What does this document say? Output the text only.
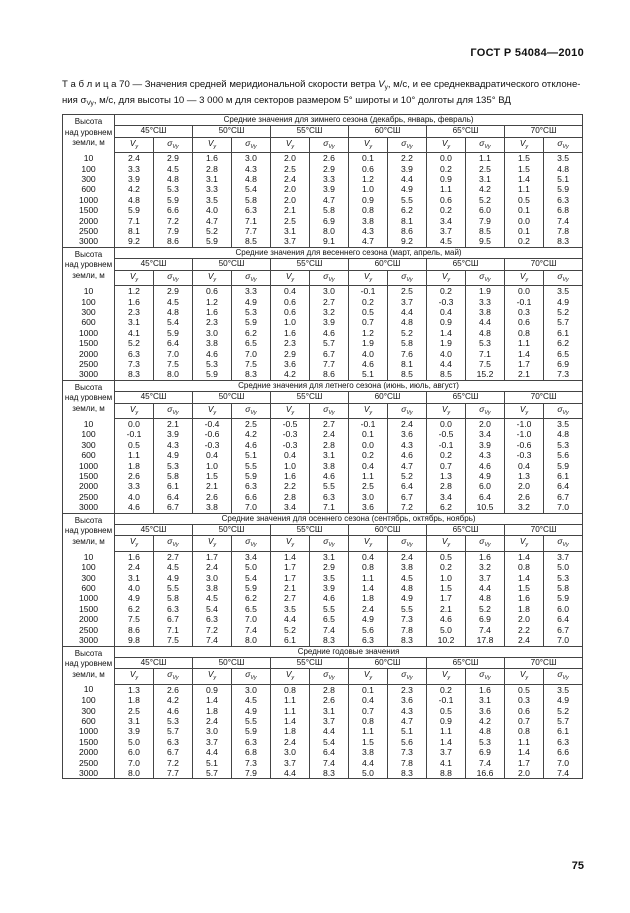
ГОСТ Р 54084—2010
Т а б л и ц а 70 — Значения средней меридиональной скорости ветра $V_y$, м/с, и ее среднеквадратического отклоне-
ния $\sigma_{Vy}$, м/с, для высоты 10 — 3 000 м для секторов размером 5° широты и 10° долготы для 135° ВД
Высота
над уровнем
земли, м	Средние значения для зимнего сезона (декабрь, январь, февраль)											
	45°СШ		50°СШ		55°СШ		60°СШ		65°СШ		70°СШ	
	$V_y$	$\sigma_{Vy}$	$V_y$	$\sigma_{Vy}$	$V_y$	$\sigma_{Vy}$	$V_y$	$\sigma_{Vy}$	$V_y$	$\sigma_{Vy}$	$V_y$	$\sigma_{Vy}$
10	2.4	2.9	1.6	3.0	2.0	2.6	0.1	2.2	0.0	1.1	1.5	3.5
100	3.3	4.5	2.8	4.3	2.5	2.9	0.6	3.9	0.2	2.5	1.5	4.8
300	3.9	4.8	3.1	4.8	2.4	3.3	1.2	4.4	0.9	3.1	1.4	5.1
600	4.2	5.3	3.3	5.4	2.0	3.9	1.0	4.9	1.1	4.2	1.1	5.9
1000	4.8	5.9	3.5	5.8	2.0	4.7	0.9	5.5	0.6	5.2	0.5	6.3
1500	5.9	6.6	4.0	6.3	2.1	5.8	0.8	6.2	0.2	6.0	0.1	6.8
2000	7.1	7.2	4.7	7.1	2.5	6.9	3.8	8.1	3.4	7.9	0.0	7.4
2500	8.1	7.9	5.2	7.7	3.1	8.0	4.3	8.6	3.7	8.5	0.1	7.8
3000	9.2	8.6	5.9	8.5	3.7	9.1	4.7	9.2	4.5	9.5	0.2	8.3

Высота
над уровнем
земли, м	Средние значения для весеннего сезона (март, апрель, май)											
	45°СШ		50°СШ		55°СШ		60°СШ		65°СШ		70°СШ	
	$V_y$	$\sigma_{Vy}$	$V_y$	$\sigma_{Vy}$	$V_y$	$\sigma_{Vy}$	$V_y$	$\sigma_{Vy}$	$V_y$	$\sigma_{Vy}$	$V_y$	$\sigma_{Vy}$
10	1.2	2.9	0.6	3.3	0.4	3.0	-0.1	2.5	0.2	1.9	0.0	3.5
100	1.6	4.5	1.2	4.9	0.6	2.7	0.2	3.7	-0.3	3.3	-0.1	4.9
300	2.3	4.8	1.6	5.3	0.6	3.2	0.5	4.4	0.4	3.8	0.3	5.2
600	3.1	5.4	2.3	5.9	1.0	3.9	0.7	4.8	0.9	4.4	0.6	5.7
1000	4.1	5.9	3.0	6.2	1.6	4.6	1.2	5.2	1.4	4.8	0.8	6.1
1500	5.2	6.4	3.8	6.5	2.3	5.7	1.9	5.8	1.9	5.3	1.1	6.2
2000	6.3	7.0	4.6	7.0	2.9	6.7	4.0	7.6	4.0	7.1	1.4	6.5
2500	7.3	7.5	5.3	7.5	3.6	7.7	4.6	8.1	4.4	7.5	1.7	6.9
3000	8.3	8.0	5.9	8.3	4.2	8.6	5.1	8.5	8.5	15.2	2.1	7.3

Высота
над уровнем
земли, м	Средние значения для летнего сезона (июнь, июль, август)											
	45°СШ		50°СШ		55°СШ		60°СШ		65°СШ		70°СШ	
	$V_y$	$\sigma_{Vy}$	$V_y$	$\sigma_{Vy}$	$V_y$	$\sigma_{Vy}$	$V_y$	$\sigma_{Vy}$	$V_y$	$\sigma_{Vy}$	$V_y$	$\sigma_{Vy}$
10	0.0	2.1	-0.4	2.5	-0.5	2.7	-0.1	2.4	0.0	2.0	-1.0	3.5
100	-0.1	3.9	-0.6	4.2	-0.3	2.4	0.1	3.6	-0.5	3.4	-1.0	4.8
300	0.5	4.3	-0.3	4.6	-0.3	2.8	0.0	4.3	-0.1	3.9	-0.6	5.3
600	1.1	4.9	0.4	5.1	0.4	3.1	0.2	4.6	0.2	4.3	-0.3	5.6
1000	1.8	5.3	1.0	5.5	1.0	3.8	0.4	4.7	0.7	4.6	0.4	5.9
1500	2.6	5.8	1.5	5.9	1.6	4.6	1.1	5.2	1.3	4.9	1.3	6.1
2000	3.3	6.1	2.1	6.3	2.2	5.5	2.5	6.4	2.8	6.0	2.0	6.4
2500	4.0	6.4	2.6	6.6	2.8	6.3	3.0	6.7	3.4	6.4	2.6	6.7
3000	4.6	6.7	3.8	7.0	3.4	7.1	3.6	7.2	6.2	10.5	3.2	7.0

Высота
над уровнем
земли, м	Средние значения для осеннего сезона (сентябрь, октябрь, ноябрь)											
	45°СШ		50°СШ		55°СШ		60°СШ		65°СШ		70°СШ	
	$V_y$	$\sigma_{Vy}$	$V_y$	$\sigma_{Vy}$	$V_y$	$\sigma_{Vy}$	$V_y$	$\sigma_{Vy}$	$V_y$	$\sigma_{Vy}$	$V_y$	$\sigma_{Vy}$
10	1.6	2.7	1.7	3.4	1.4	3.1	0.4	2.4	0.5	1.6	1.4	3.7
100	2.4	4.5	2.4	5.0	1.7	2.9	0.8	3.8	0.2	3.2	0.8	5.0
300	3.1	4.9	3.0	5.4	1.7	3.5	1.1	4.5	1.0	3.7	1.4	5.3
600	4.0	5.5	3.8	5.9	2.1	3.9	1.4	4.8	1.5	4.4	1.5	5.8
1000	4.9	5.8	4.5	6.2	2.7	4.6	1.8	4.9	1.7	4.8	1.6	5.9
1500	6.2	6.3	5.4	6.5	3.5	5.5	2.4	5.5	2.1	5.2	1.8	6.0
2000	7.5	6.7	6.3	7.0	4.4	6.5	4.9	7.3	4.6	6.9	2.0	6.4
2500	8.6	7.1	7.2	7.4	5.2	7.4	5.6	7.8	5.0	7.4	2.2	6.7
3000	9.8	7.5	7.4	8.0	6.1	8.3	6.3	8.3	10.2	17.8	2.4	7.0

Высота
над уровнем
земли, м	Средние годовые значения											
	45°СШ		50°СШ		55°СШ		60°СШ		65°СШ		70°СШ	
	$V_y$	$\sigma_{Vy}$	$V_y$	$\sigma_{Vy}$	$V_y$	$\sigma_{Vy}$	$V_y$	$\sigma_{Vy}$	$V_y$	$\sigma_{Vy}$	$V_y$	$\sigma_{Vy}$
10	1.3	2.6	0.9	3.0	0.8	2.8	0.1	2.3	0.2	1.6	0.5	3.5
100	1.8	4.2	1.4	4.5	1.1	2.6	0.4	3.6	-0.1	3.1	0.3	4.9
300	2.5	4.6	1.8	4.9	1.1	3.1	0.7	4.3	0.5	3.6	0.6	5.2
600	3.1	5.3	2.4	5.5	1.4	3.7	0.8	4.7	0.9	4.2	0.7	5.7
1000	3.9	5.7	3.0	5.9	1.8	4.4	1.1	5.1	1.1	4.8	0.8	6.1
1500	5.0	6.3	3.7	6.3	2.4	5.4	1.5	5.6	1.4	5.3	1.1	6.3
2000	6.0	6.7	4.4	6.8	3.0	6.4	3.8	7.3	3.7	6.9	1.4	6.6
2500	7.0	7.2	5.1	7.3	3.7	7.4	4.4	7.8	4.1	7.4	1.7	7.0
3000	8.0	7.7	5.7	7.9	4.4	8.3	5.0	8.3	8.8	16.6	2.0	7.4
75
